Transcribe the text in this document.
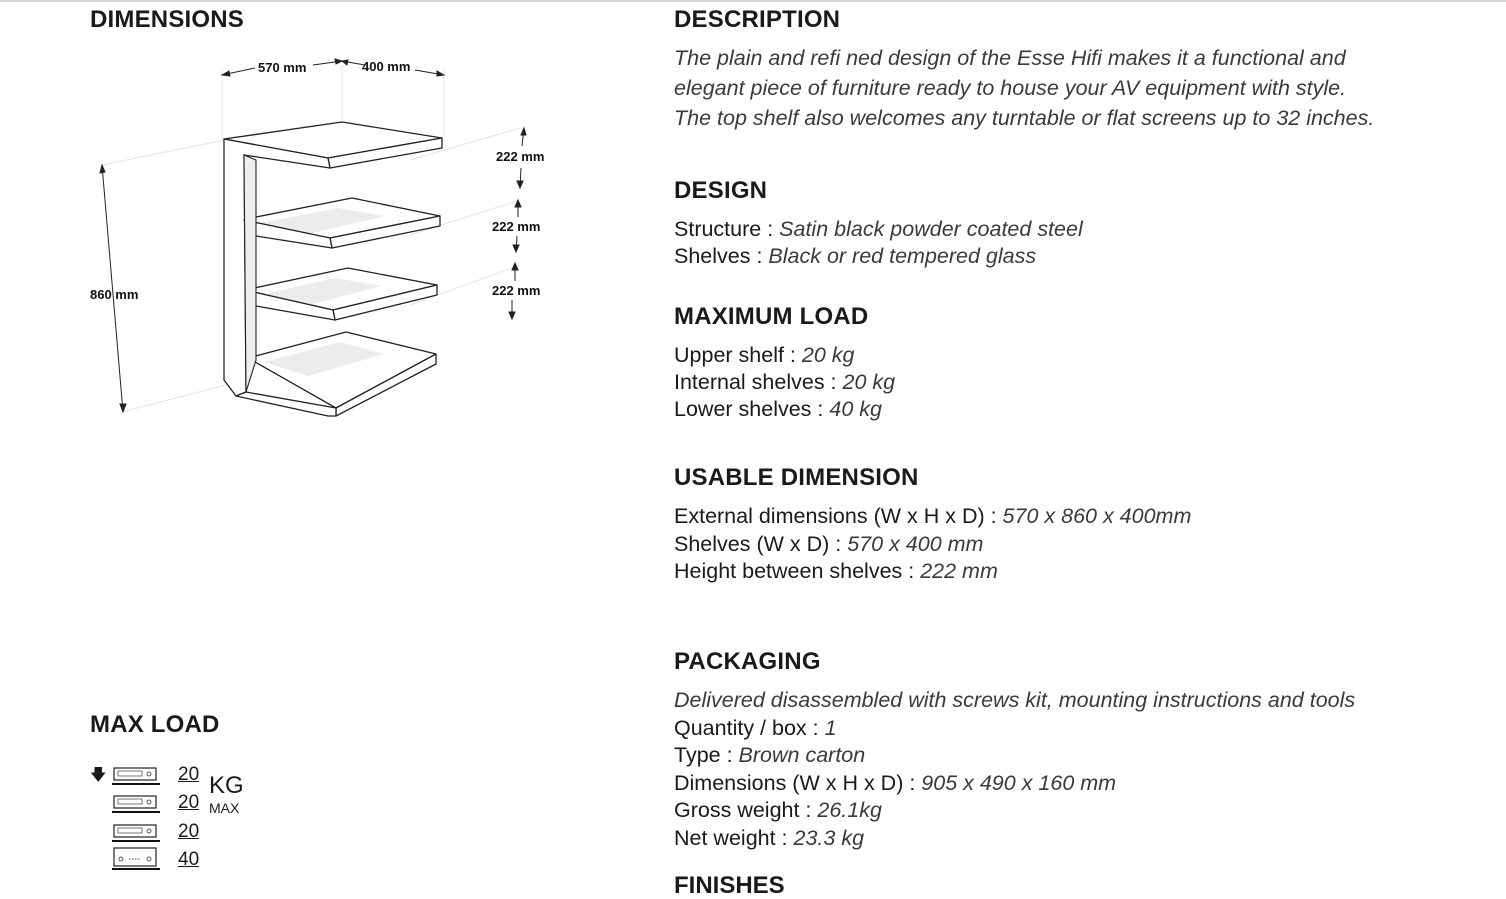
DIMENSIONS
570 mm	400 mm
860 mm
222 mm
222 mm
222 mm
MAX LOAD
🡇	20
20
20
40
KG
MAX
DESCRIPTION
The plain and refi ned design of the Esse Hifi makes it a functional and
elegant piece of furniture ready to house your AV equipment with style.
The top shelf also welcomes any turntable or flat screens up to 32 inches.
DESIGN
Structure : Satin black powder coated steel
Shelves : Black or red tempered glass
MAXIMUM LOAD
Upper shelf : 20 kg
Internal shelves : 20 kg
Lower shelves : 40 kg
USABLE DIMENSION
External dimensions (W x H x D) : 570 x 860 x 400mm
Shelves (W x D) : 570 x 400 mm
Height between shelves : 222 mm
PACKAGING
Delivered disassembled with screws kit, mounting instructions and tools
Quantity / box : 1
Type : Brown carton
Dimensions (W x H x D) : 905 x 490 x 160 mm
Gross weight : 26.1kg
Net weight : 23.3 kg
FINISHES
